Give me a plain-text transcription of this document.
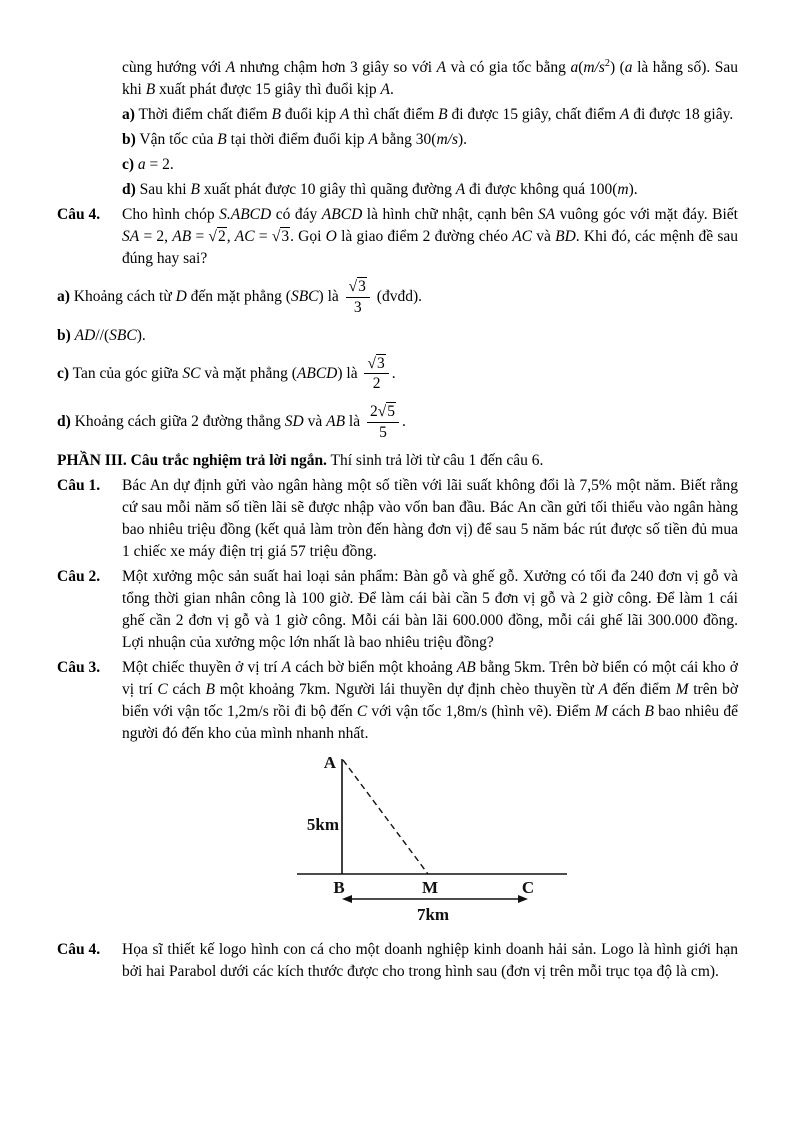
cùng hướng với A nhưng chậm hơn 3 giây so với A và có gia tốc bằng $a(m/s^2)$ (a là hằng số). Sau khi B xuất phát được 15 giây thì đuổi kịp A.
a) Thời điểm chất điểm B đuổi kịp A thì chất điểm B đi được 15 giây, chất điểm A đi được 18 giây.
b) Vận tốc của B tại thời điểm đuổi kịp A bằng 30(m/s).
c) a = 2.
d) Sau khi B xuất phát được 10 giây thì quãng đường A đi được không quá 100(m).
Câu 4. Cho hình chóp S.ABCD có đáy ABCD là hình chữ nhật, cạnh bên SA vuông góc với mặt đáy. Biết SA = 2, AB = √2, AC = √3. Gọi O là giao điểm 2 đường chéo AC và BD. Khi đó, các mệnh đề sau đúng hay sai?
a) Khoảng cách từ D đến mặt phẳng (SBC) là $\frac{√3}{3}$ (đvđd).
b) AD//(SBC).
c) Tan của góc giữa SC và mặt phẳng (ABCD) là $\frac{√3}{2}$ .
d) Khoảng cách giữa 2 đường thẳng SD và AB là $\frac{2√5}{5}$ .
PHẦN III. Câu trắc nghiệm trả lời ngắn. Thí sinh trả lời từ câu 1 đến câu 6.
Câu 1. Bác An dự định gửi vào ngân hàng một số tiền với lãi suất không đổi là 7,5% một năm. Biết rằng cứ sau mỗi năm số tiền lãi sẽ được nhập vào vốn ban đầu. Bác An cần gửi tối thiểu vào ngân hàng bao nhiêu triệu đồng (kết quả làm tròn đến hàng đơn vị) để sau 5 năm bác rút được số tiền đủ mua 1 chiếc xe máy điện trị giá 57 triệu đồng.
Câu 2. Một xưởng mộc sản suất hai loại sản phẩm: Bàn gỗ và ghế gỗ. Xưởng có tối đa 240 đơn vị gỗ và tổng thời gian nhân công là 100 giờ. Để làm cái bài cần 5 đơn vị gỗ và 2 giờ công. Để làm 1 cái ghế cần 2 đơn vị gỗ và 1 giờ công. Mỗi cái bàn lãi 600.000 đồng, mỗi cái ghế lãi 300.000 đồng. Lợi nhuận của xưởng mộc lớn nhất là bao nhiêu triệu đồng?
Câu 3. Một chiếc thuyền ở vị trí A cách bờ biển một khoảng AB bằng 5km. Trên bờ biển có một cái kho ở vị trí C cách B một khoảng 7km. Người lái thuyền dự định chèo thuyền từ A đến điểm M trên bờ biển với vận tốc 1,2m/s rồi đi bộ đến C với vận tốc 1,8m/s (hình vẽ). Điểm M cách B bao nhiêu để người đó đến kho của mình nhanh nhất.
A
B	M	C
5km
7km
Câu 4. Họa sĩ thiết kế logo hình con cá cho một doanh nghiệp kinh doanh hải sản. Logo là hình giới hạn bởi hai Parabol dưới các kích thước được cho trong hình sau (đơn vị trên mỗi trục tọa độ là cm).
